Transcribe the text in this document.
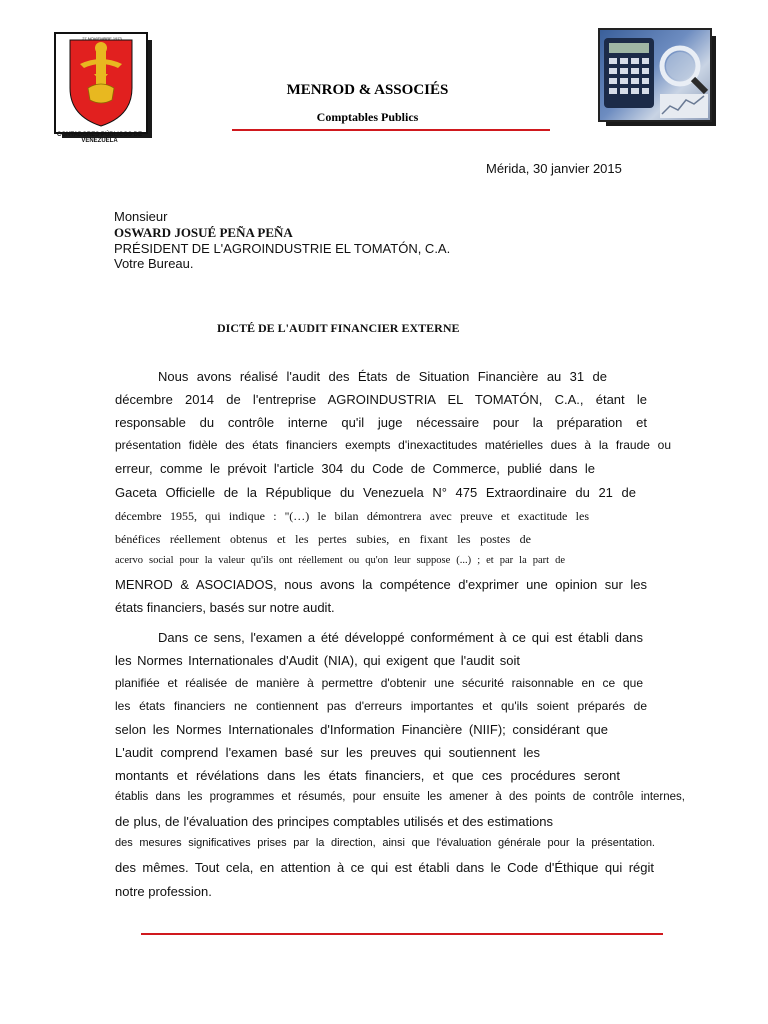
CONTADORES PÚBLICOS DE VENEZUELA
27 NOVIEMBRE 1973
MENROD & ASSOCIÉS
Comptables Publics
Mérida, 30 janvier 2015
Monsieur
OSWARD JOSUÉ PEÑA PEÑA
PRÉSIDENT DE L'AGROINDUSTRIE EL TOMATÓN, C.A.
Votre Bureau.
DICTÉ DE L'AUDIT FINANCIER EXTERNE
Nous avons réalisé l'audit des États de Situation Financière au 31 de
décembre 2014 de l'entreprise AGROINDUSTRIA EL TOMATÓN, C.A., étant le
responsable du contrôle interne qu'il juge nécessaire pour la préparation et
présentation fidèle des états financiers exempts d'inexactitudes matérielles dues à la fraude ou
erreur, comme le prévoit l'article 304 du Code de Commerce, publié dans le
Gaceta Officielle de la République du Venezuela N° 475 Extraordinaire du 21 de
décembre 1955, qui indique : ''(…) le bilan démontrera avec preuve et exactitude les
bénéfices réellement obtenus et les pertes subies, en fixant les postes de
acervo social pour la valeur qu'ils ont réellement ou qu'on leur suppose (...) ; et par la part de
MENROD & ASOCIADOS, nous avons la compétence d'exprimer une opinion sur les
états financiers, basés sur notre audit.
Dans ce sens, l'examen a été développé conformément à ce qui est établi dans
les Normes Internationales d'Audit (NIA), qui exigent que l'audit soit
planifiée et réalisée de manière à permettre d'obtenir une sécurité raisonnable en ce que
les états financiers ne contiennent pas d'erreurs importantes et qu'ils soient préparés de
selon les Normes Internationales d'Information Financière (NIIF); considérant que
L'audit comprend l'examen basé sur les preuves qui soutiennent les
montants et révélations dans les états financiers, et que ces procédures seront
établis dans les programmes et résumés, pour ensuite les amener à des points de contrôle internes,
de plus, de l'évaluation des principes comptables utilisés et des estimations
des mesures significatives prises par la direction, ainsi que l'évaluation générale pour la présentation.
des mêmes. Tout cela, en attention à ce qui est établi dans le Code d'Éthique qui régit
notre profession.
